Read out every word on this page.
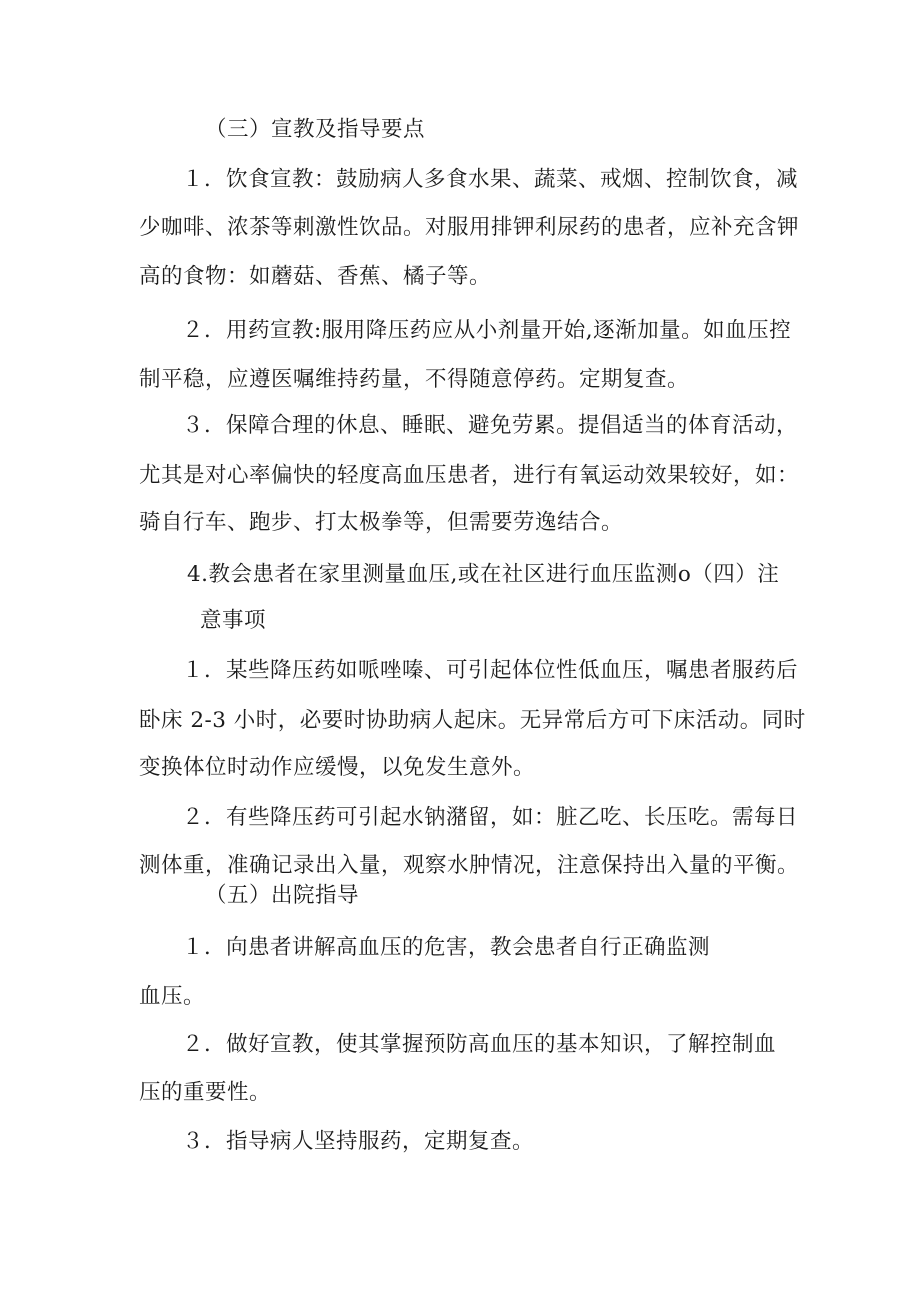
（三）宣教及指导要点
１．饮食宣教：鼓励病人多食水果、蔬菜、戒烟、控制饮食，减
少咖啡、浓茶等刺激性饮品。对服用排钾利尿药的患者，应补充含钾
高的食物：如蘑菇、香蕉、橘子等。
２．用药宣教:服用降压药应从小剂量开始,逐渐加量。如血压控
制平稳，应遵医嘱维持药量，不得随意停药。定期复查。
３．保障合理的休息、睡眠、避免劳累。提倡适当的体育活动，
尤其是对心率偏快的轻度高血压患者，进行有氧运动效果较好，如：
骑自行车、跑步、打太极拳等，但需要劳逸结合。
4.教会患者在家里测量血压,或在社区进行血压监测o（四）注
意事项
１．某些降压药如哌唑嗪、可引起体位性低血压，嘱患者服药后
卧床 2-3 小时，必要时协助病人起床。无异常后方可下床活动。同时
变换体位时动作应缓慢，以免发生意外。
２．有些降压药可引起水钠潴留，如：脏乙吃、长压吃。需每日
测体重，准确记录出入量，观察水肿情况，注意保持出入量的平衡。
（五）出院指导
１．向患者讲解高血压的危害，教会患者自行正确监测
血压。
２．做好宣教，使其掌握预防高血压的基本知识，了解控制血
压的重要性。
３．指导病人坚持服药，定期复查。
